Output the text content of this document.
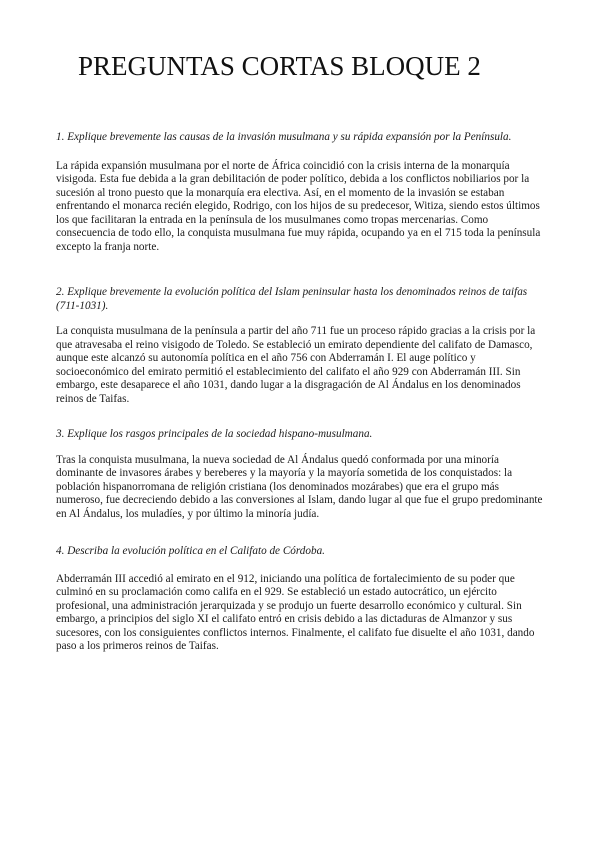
PREGUNTAS CORTAS BLOQUE 2

1. Explique brevemente las causas de la invasión musulmana y su rápida expansión por la Península.

La rápida expansión musulmana por el norte de África coincidió con la crisis interna de la monarquía visigoda. Esta fue debida a la gran debilitación de poder político, debida a los conflictos nobiliarios por la sucesión al trono puesto que la monarquía era electiva. Así, en el momento de la invasión se estaban enfrentando el monarca recién elegido, Rodrigo, con los hijos de su predecesor, Witiza, siendo estos últimos los que facilitaran la entrada en la península de los musulmanes como tropas mercenarias. Como consecuencia de todo ello, la conquista musulmana fue muy rápida, ocupando ya en el 715 toda la península excepto la franja norte.

2. Explique brevemente la evolución política del Islam peninsular hasta los denominados reinos de taifas (711-1031).

La conquista musulmana de la península a partir del año 711 fue un proceso rápido gracias a la crisis por la que atravesaba el reino visigodo de Toledo. Se estableció un emirato dependiente del califato de Damasco, aunque este alcanzó su autonomía política en el año 756 con Abderramán I. El auge político y socioeconómico del emirato permitió el establecimiento del califato el año 929 con Abderramán III. Sin embargo, este desaparece el año 1031, dando lugar a la disgragación de Al Ándalus en los denominados reinos de Taifas.

3. Explique los rasgos principales de la sociedad hispano-musulmana.

Tras la conquista musulmana, la nueva sociedad de Al Ándalus quedó conformada por una minoría dominante de invasores árabes y bereberes y la mayoría y la mayoría sometida de los conquistados: la población hispanorromana de religión cristiana (los denominados mozárabes) que era el grupo más numeroso, fue decreciendo debido a las conversiones al Islam, dando lugar al que fue el grupo predominante en Al Ándalus, los muladíes, y por último la minoría judía.

4. Describa la evolución política en el Califato de Córdoba.

Abderramán III accedió al emirato en el 912, iniciando una política de fortalecimiento de su poder que culminó en su proclamación como califa en el 929. Se estableció un estado autocrático, un ejército profesional, una administración jerarquizada y se produjo un fuerte desarrollo económico y cultural. Sin embargo, a principios del siglo XI el califato entró en crisis debido a las dictaduras de Almanzor y sus sucesores, con los consiguientes conflictos internos. Finalmente, el califato fue disuelte el año 1031, dando paso a los primeros reinos de Taifas.
